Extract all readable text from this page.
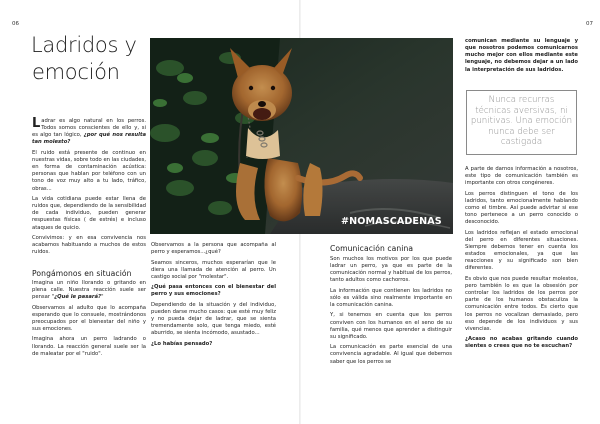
06	07
Ladridos y
emoción
#NOMASCADENAS

Ladrar es algo natural en los perros. Todos somos conscientes de ello y, si es algo tan lógico, ¿por qué nos resulta tan molesto?

El ruido está presente de continuo en nuestras vidas, sobre todo en las ciudades, en forma de contaminación acústica: personas que hablan por teléfono con un tono de voz muy alto a tu lado, tráfico, obras...

La vida cotidiana puede estar llena de ruidos que, dependiendo de la sensibilidad de cada individuo, pueden generar respuestas físicas ( de estrés) e incluso ataques de quicio.

Convivimos: y en esa convivencia nos acabamos habituando a muchos de estos ruidos.

Pongámonos en situación

Imagina un niño llorando o gritando en plena calle. Nuestra reacción suele ser pensar "¿Qué le pasará?"

Observamos al adulto que lo acompaña esperando que lo consuele, mostrándonos preocupados por el bienestar del niño y sus emociones.

Imagina ahora un perro ladrando o llorando. La reacción general suele ser la de maleatar por el "ruido".

Observamos a la persona que acompaña al perro y esperamos...¿qué?

Seamos sinceros, muchos esperarían que le diera una llamada de atención al perro. Un castigo social por "molestar".

¿Qué pasa entonces con el bienestar del perro y sus emociones?

Dependiendo de la situación y del individuo, pueden darse mucho casos: que esté muy feliz y no pueda dejar de ladrar, que se sienta tremendamente solo, que tenga miedo, esté aburrido, se sienta incómodo, asustado...

¿Lo habías pensado?

Comunicación canina

Son muchos los motivos por los que puede ladrar un perro, ya que es parte de la comunicación normal y habitual de los perros, tanto adultos como cachorros.

La información que contienen los ladridos no sólo es válida sino realmente importante en la comunicación canina.

Y, si tenemos en cuenta que los perros conviven con los humanos en el seno de su familia, qué menos que aprender a distinguir su significado.

La comunicación es parte esencial de una convivencia agradable. Al igual que debemos saber que los perros se

comunican mediante su lenguaje y que nosotros podemos comunicarnos mucho mejor con ellos mediante este lenguaje, no debemos dejar a un lado la interpretación de sus ladridos.

Nunca recurras técnicas aversivas, ni punitivas. Una emoción nunca debe ser castigada

A parte de darnos información a nosotros, este tipo de comunicación también es importante con otros congéneres.

Los perros distinguen el tono de los ladridos, tanto emocionalmente hablando como el timbre. Así puede advirtar si ese tono pertenece a un perro conocido o desconocido.

Los ladridos reflejan el estado emocional del perro en diferentes situaciones. Siempre debemos tener en cuenta los estados emocionales, ya que las reacciones y su significado son bien diferentes.

Es obvio que nos puede resultar molestos, pero también lo es que la obsesión por controlar los ladridos de los perros por parte de los humanos obstaculiza la comunicación entre todos. Es cierto que los perros no vocalizan demasiado, pero eso depende de los individuos y sus vivencias.

¿Acaso no acabas gritando cuando sientes o crees que no te escuchan?
